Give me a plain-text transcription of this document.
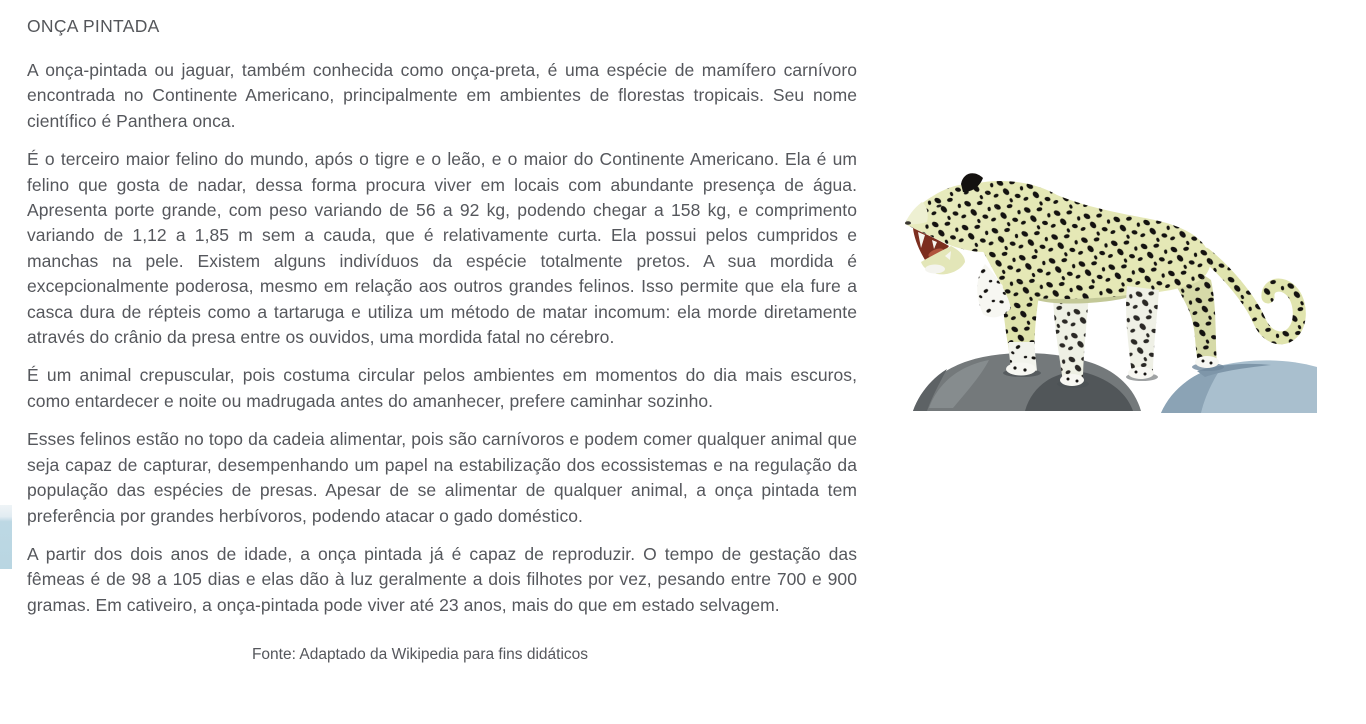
ONÇA PINTADA

A onça-pintada ou jaguar, também conhecida como onça-preta, é uma espécie de mamífero carnívoro encontrada no Continente Americano, principalmente em ambientes de florestas tropicais. Seu nome científico é Panthera onca.

É o terceiro maior felino do mundo, após o tigre e o leão, e o maior do Continente Americano. Ela é um felino que gosta de nadar, dessa forma procura viver em locais com abundante presença de água. Apresenta porte grande, com peso variando de 56 a 92 kg, podendo chegar a 158 kg, e comprimento variando de 1,12 a 1,85 m sem a cauda, que é relativamente curta. Ela possui pelos cumpridos e manchas na pele. Existem alguns indivíduos da espécie totalmente pretos. A sua mordida é excepcionalmente poderosa, mesmo em relação aos outros grandes felinos. Isso permite que ela fure a casca dura de répteis como a tartaruga e utiliza um método de matar incomum: ela morde diretamente através do crânio da presa entre os ouvidos, uma mordida fatal no cérebro.

É um animal crepuscular, pois costuma circular pelos ambientes em momentos do dia mais escuros, como entardecer e noite ou madrugada antes do amanhecer, prefere caminhar sozinho.

Esses felinos estão no topo da cadeia alimentar, pois são carnívoros e podem comer qualquer animal que seja capaz de capturar, desempenhando um papel na estabilização dos ecossistemas e na regulação da população das espécies de presas. Apesar de se alimentar de qualquer animal, a onça pintada tem preferência por grandes herbívoros, podendo atacar o gado doméstico.

A partir dos dois anos de idade, a onça pintada já é capaz de reproduzir. O tempo de gestação das fêmeas é de 98 a 105 dias e elas dão à luz geralmente a dois filhotes por vez, pesando entre 700 e 900 gramas. Em cativeiro, a onça-pintada pode viver até 23 anos, mais do que em estado selvagem.

Fonte: Adaptado da Wikipedia para fins didáticos
